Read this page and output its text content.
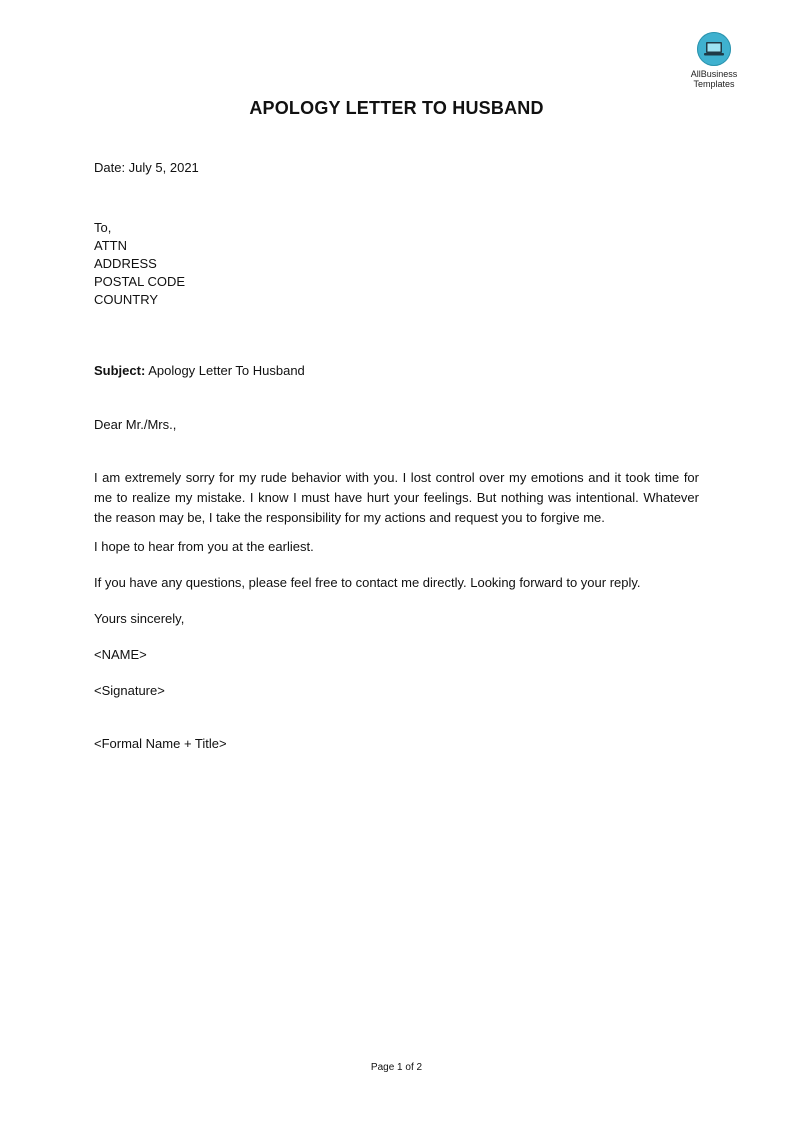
AllBusiness
Templates
APOLOGY LETTER TO HUSBAND
Date: July 5, 2021
To,
ATTN
ADDRESS
POSTAL CODE
COUNTRY
Subject: Apology Letter To Husband
Dear Mr./Mrs.,
I am extremely sorry for my rude behavior with you. I lost control over my emotions and it took time for me to realize my mistake. I know I must have hurt your feelings. But nothing was intentional. Whatever the reason may be, I take the responsibility for my actions and request you to forgive me.
I hope to hear from you at the earliest.
If you have any questions, please feel free to contact me directly. Looking forward to your reply.
Yours sincerely,
<NAME>
<Signature>
<Formal Name + Title>
Page 1 of 2
